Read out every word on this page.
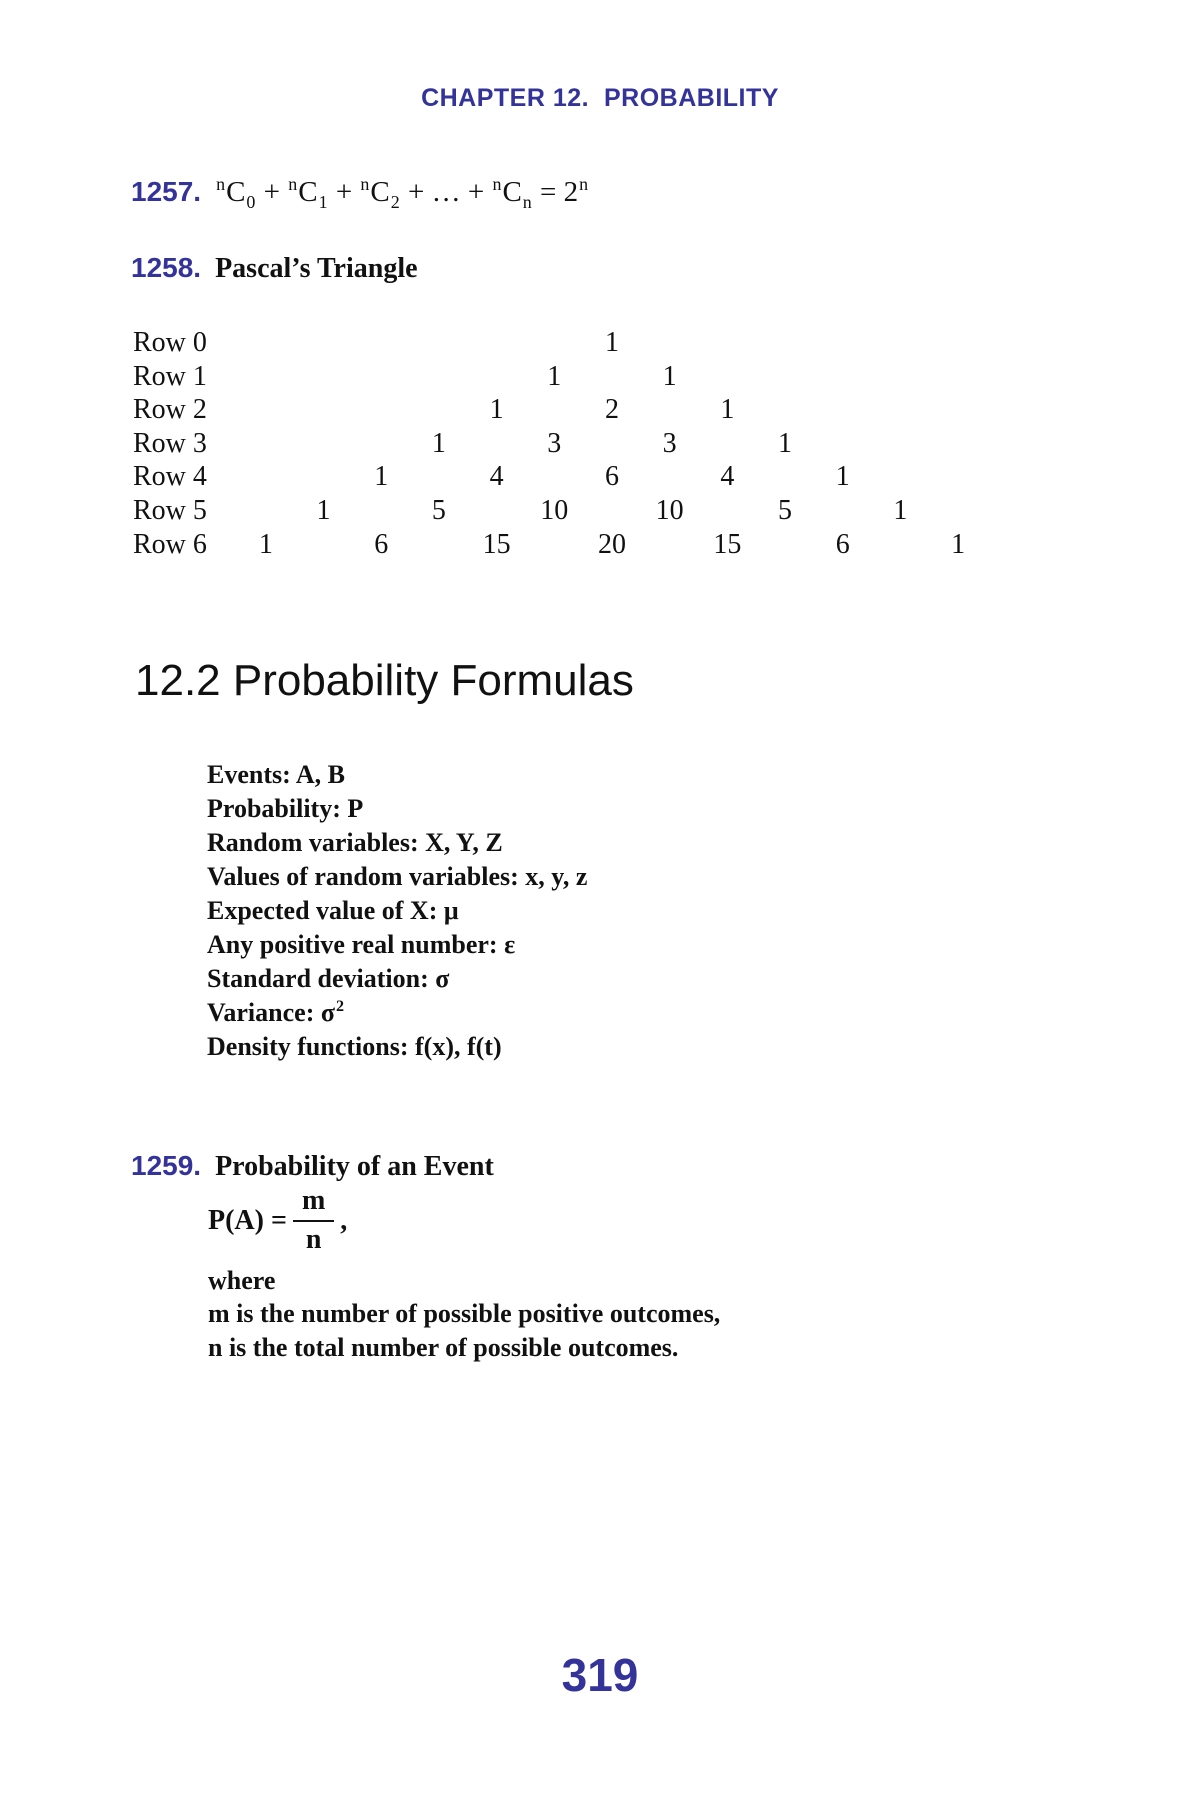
CHAPTER 12.  PROBABILITY
1257. $^nC_0 + ^nC_1 + ^nC_2$ + … + $^nC_n = 2^n$
1258. Pascal’s Triangle
Row 0	1
Row 1	1	1
Row 2	1	2	1
Row 3	1	3	3	1
Row 4	1	4	6	4	1
Row 5	1	5	10	10	5	1
Row 6	1	6	15	20	15	6	1
12.2 Probability Formulas
Events: A, B
Probability: P
Random variables: X, Y, Z
Values of random variables: x, y, z
Expected value of X: μ
Any positive real number: ε
Standard deviation: σ
Variance: $\sigma^2$
Density functions: f(x), f(t)
1259. Probability of an Event
$P(A) = \frac{m}{n}$ ,
where
m is the number of possible positive outcomes,
n is the total number of possible outcomes.
319
